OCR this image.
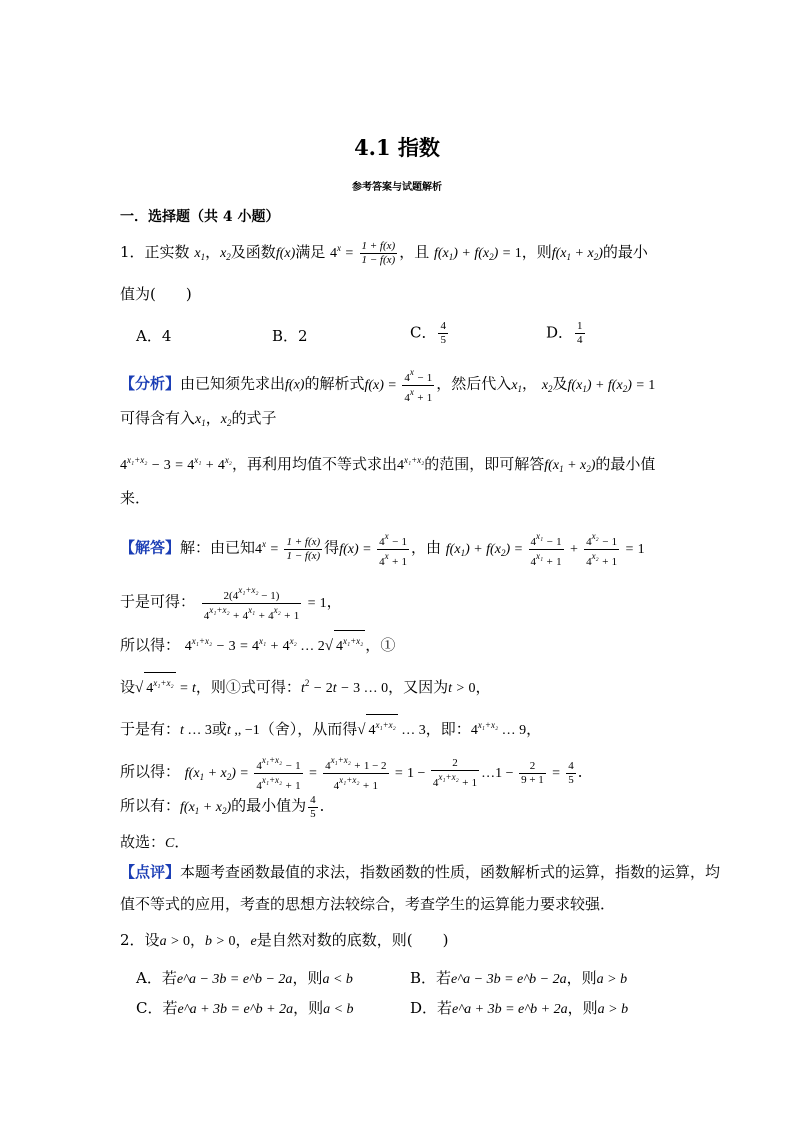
4.1 指数
参考答案与试题解析
一．选择题（共 4 小题）
1．正实数 $x_1$，$x_2$及函数f(x)满足 $4^x = \frac{1 + f(x)}{1 - f(x)}$ ，且 $f(x_1) + f(x_2) = 1$，则$f(x_1 + x_2)$的最小
值为(　　)
A．4	B．2	C． $\frac{4}{5}$	D． $\frac{1}{4}$
【分析】由已知须先求出f(x)的解析式$f(x) = \frac{4^x - 1}{4^x + 1}$ ，然后代入$x_1$， $x_2$及$f(x_1) + f(x_2) = 1$
可得含有入$x_1$，$x_2$的式子
$4^{x_1+x_2} - 3 = 4^{x_1} + 4^{x_2}$，再利用均值不等式求出$4^{x_1+x_2}$的范围，即可解答$f(x_1 + x_2)$的最小值
来．
【解答】解：由已知$4^x = \frac{1 + f(x)}{1 - f(x)}$ 得$f(x) = \frac{4^x - 1}{4^x + 1}$ ，由 $f(x_1) + f(x_2) = \frac{4^{x_1} - 1}{4^{x_1} + 1} + \frac{4^{x_2} - 1}{4^{x_2} + 1} = 1$
于是可得： $\frac{2(4^{x_1+x_2} - 1)}{4^{x_1+x_2} + 4^{x_1} + 4^{x_2} + 1} = 1$，
所以得： $4^{x_1+x_2} - 3 = 4^{x_1} + 4^{x_2}$ … 2√ $4^{x_1+x_2}$ ，①
设√ $4^{x_1+x_2} = t$，则①式可得：$t^2 - 2t - 3$ … 0，又因为t > 0，
于是有：t … 3或t ,, −1（舍），从而得√ $4^{x_1+x_2}$ … 3，即：$4^{x_1+x_2}$ … 9，
所以得： $f(x_1 + x_2) = \frac{4^{x_1+x_2} - 1}{4^{x_1+x_2} + 1} = \frac{4^{x_1+x_2} + 1 - 2}{4^{x_1+x_2} + 1} = 1 - \frac{2}{4^{x_1+x_2} + 1}$ …1 − $\frac{2}{9 + 1} = \frac{4}{5}$ ．
所以有：$f(x_1 + x_2)$的最小值为 $\frac{4}{5}$ ．
故选：C．
【点评】本题考查函数最值的求法，指数函数的性质，函数解析式的运算，指数的运算，均
值不等式的应用，考查的思想方法较综合，考查学生的运算能力要求较强．
2．设a > 0，b > 0，e是自然对数的底数，则(　　)
A．若e^a − 3b = e^b − 2a，则a < b	B．若e^a − 3b = e^b − 2a，则a > b
C．若e^a + 3b = e^b + 2a，则a < b	D．若e^a + 3b = e^b + 2a，则a > b
